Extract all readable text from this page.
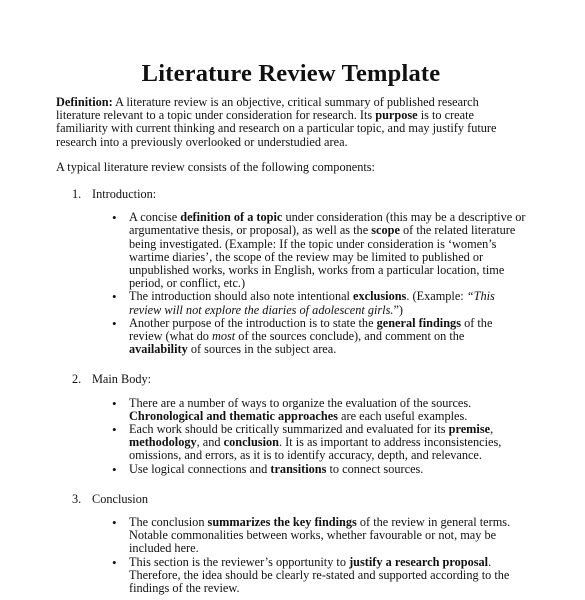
Literature Review Template

Definition: A literature review is an objective, critical summary of published research literature relevant to a topic under consideration for research. Its purpose is to create familiarity with current thinking and research on a particular topic, and may justify future research into a previously overlooked or understudied area.

A typical literature review consists of the following components:

1. Introduction:
• A concise definition of a topic under consideration (this may be a descriptive or argumentative thesis, or proposal), as well as the scope of the related literature being investigated. (Example: If the topic under consideration is ‘women’s wartime diaries’, the scope of the review may be limited to published or unpublished works, works in English, works from a particular location, time period, or conflict, etc.)
• The introduction should also note intentional exclusions. (Example: “This review will not explore the diaries of adolescent girls.”)
• Another purpose of the introduction is to state the general findings of the review (what do most of the sources conclude), and comment on the availability of sources in the subject area.
2. Main Body:
• There are a number of ways to organize the evaluation of the sources. Chronological and thematic approaches are each useful examples.
• Each work should be critically summarized and evaluated for its premise, methodology, and conclusion. It is as important to address inconsistencies, omissions, and errors, as it is to identify accuracy, depth, and relevance.
• Use logical connections and transitions to connect sources.
3. Conclusion
• The conclusion summarizes the key findings of the review in general terms. Notable commonalities between works, whether favourable or not, may be included here.
• This section is the reviewer’s opportunity to justify a research proposal. Therefore, the idea should be clearly re-stated and supported according to the findings of the review.
